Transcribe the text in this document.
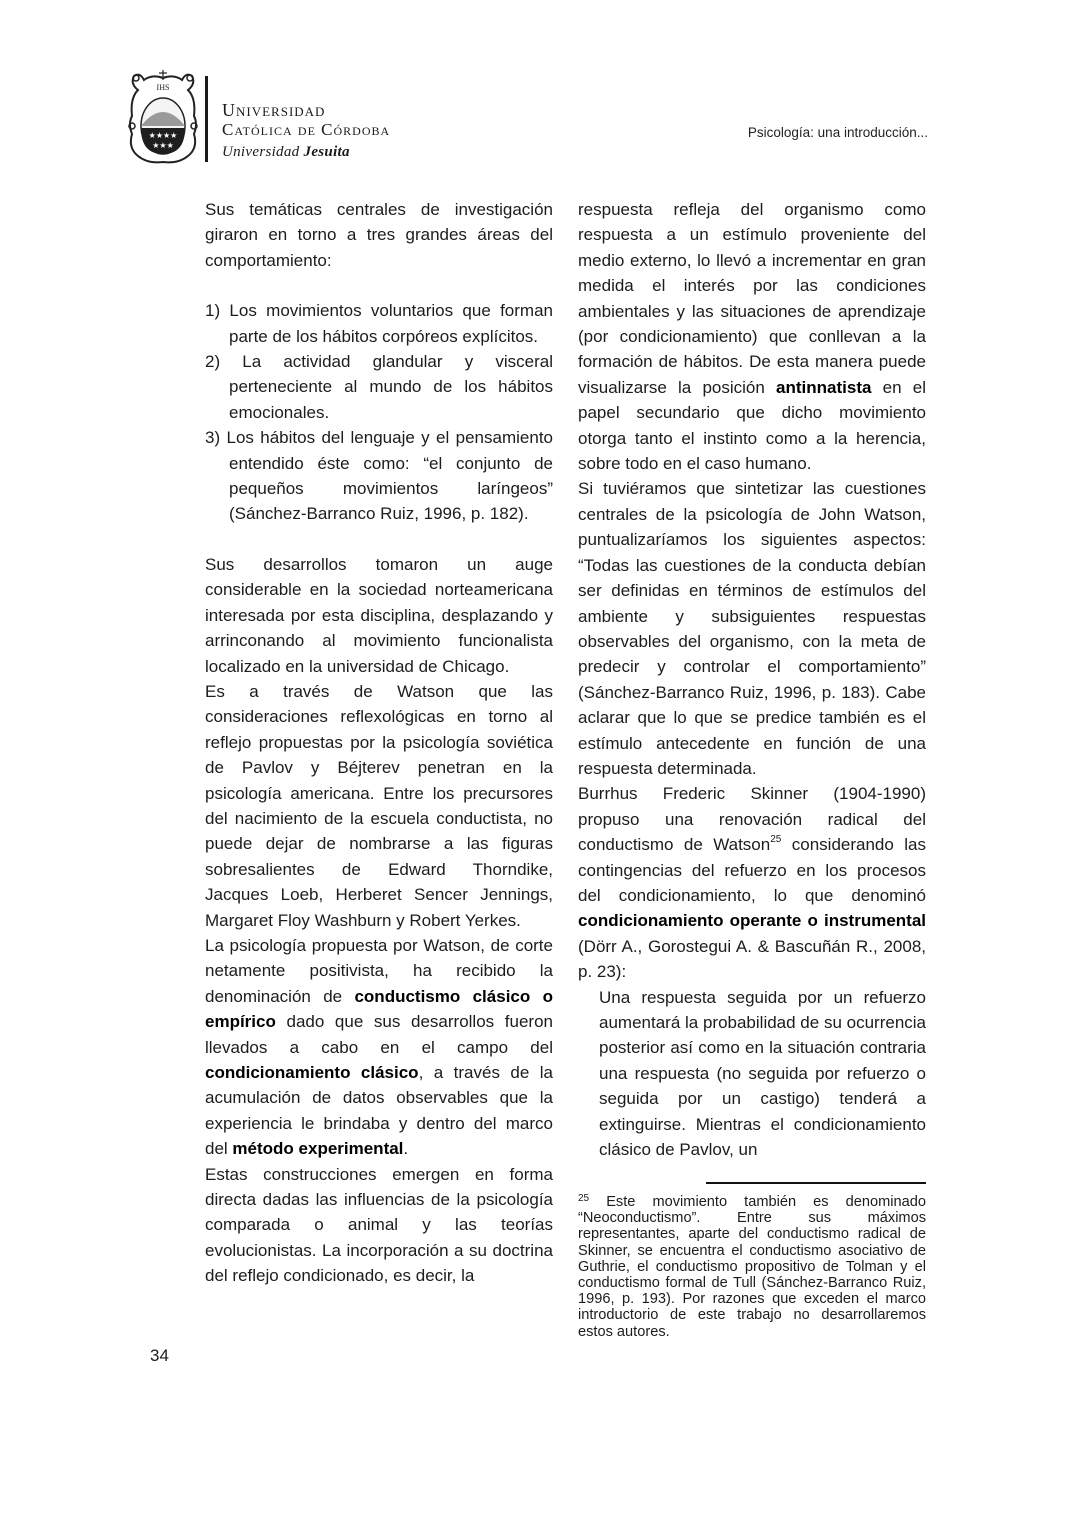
IHS
★★★★
★★★
Universidad
Católica de Córdoba
Universidad Jesuita
Psicología: una introducción...

Sus temáticas centrales de investigación giraron en torno a tres grandes áreas del comportamiento:

1) Los movimientos voluntarios que forman parte de los hábitos corpóreos explícitos.

2) La actividad glandular y visceral perteneciente al mundo de los hábitos emocionales.

3) Los hábitos del lenguaje y el pensamiento entendido éste como: “el conjunto de pequeños movimientos laríngeos” (Sánchez-Barranco Ruiz, 1996, p. 182).

Sus desarrollos tomaron un auge considerable en la sociedad norteamericana interesada por esta disciplina, desplazando y arrinconando al movimiento funcionalista localizado en la universidad de Chicago.

Es a través de Watson que las consideraciones reflexológicas en torno al reflejo propuestas por la psicología soviética de Pavlov y Béjterev penetran en la psicología americana. Entre los precursores del nacimiento de la escuela conductista, no puede dejar de nombrarse a las figuras sobresalientes de Edward Thorndike, Jacques Loeb, Herberet Sencer Jennings, Margaret Floy Washburn y Robert Yerkes.

La psicología propuesta por Watson, de corte netamente positivista, ha recibido la denominación de conductismo clásico o empírico dado que sus desarrollos fueron llevados a cabo en el campo del condicionamiento clásico, a través de la acumulación de datos observables que la experiencia le brindaba y dentro del marco del método experimental.

Estas construcciones emergen en forma directa dadas las influencias de la psicología comparada o animal y las teorías evolucionistas. La incorporación a su doctrina del reflejo condicionado, es decir, la

respuesta refleja del organismo como respuesta a un estímulo proveniente del medio externo, lo llevó a incrementar en gran medida el interés por las condiciones ambientales y las situaciones de aprendizaje (por condicionamiento) que conllevan a la formación de hábitos. De esta manera puede visualizarse la posición antinnatista en el papel secundario que dicho movimiento otorga tanto el instinto como a la herencia, sobre todo en el caso humano.

Si tuviéramos que sintetizar las cuestiones centrales de la psicología de John Watson, puntualizaríamos los siguientes aspectos: “Todas las cuestiones de la conducta debían ser definidas en términos de estímulos del ambiente y subsiguientes respuestas observables del organismo, con la meta de predecir y controlar el comportamiento” (Sánchez-Barranco Ruiz, 1996, p. 183). Cabe aclarar que lo que se predice también es el estímulo antecedente en función de una respuesta determinada.

Burrhus Frederic Skinner (1904-1990) propuso una renovación radical del conductismo de Watson$^{25}$ considerando las contingencias del refuerzo en los procesos del condicionamiento, lo que denominó condicionamiento operante o instrumental (Dörr A., Gorostegui A. & Bascuñán R., 2008, p. 23):

Una respuesta seguida por un refuerzo aumentará la probabilidad de su ocurrencia posterior así como en la situación contraria una respuesta (no seguida por refuerzo o seguida por un castigo) tenderá a extinguirse. Mientras el condicionamiento clásico de Pavlov, un

$^{25}$ Este movimiento también es denominado “Neoconductismo”. Entre sus máximos representantes, aparte del conductismo radical de Skinner, se encuentra el conductismo asociativo de Guthrie, el conductismo propositivo de Tolman y el conductismo formal de Tull (Sánchez-Barranco Ruiz, 1996, p. 193). Por razones que exceden el marco introductorio de este trabajo no desarrollaremos estos autores.
34
